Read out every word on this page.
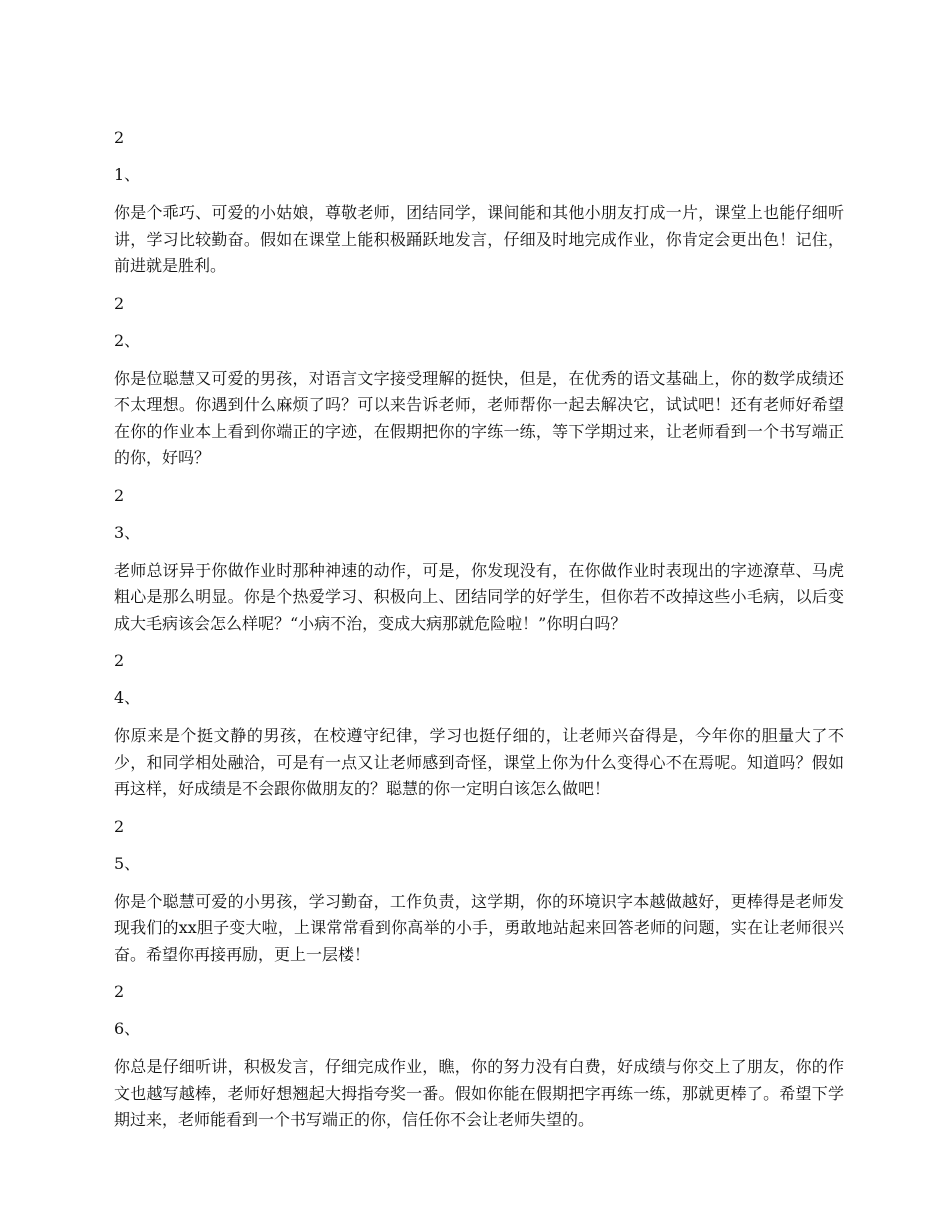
2
1、

你是个乖巧、可爱的小姑娘，尊敬老师，团结同学，课间能和其他小朋友打成一片，课堂上也能仔细听讲，学习比较勤奋。假如在课堂上能积极踊跃地发言，仔细及时地完成作业，你肯定会更出色！记住，前进就是胜利。

2
2、

你是位聪慧又可爱的男孩，对语言文字接受理解的挺快，但是，在优秀的语文基础上，你的数学成绩还不太理想。你遇到什么麻烦了吗？可以来告诉老师，老师帮你一起去解决它，试试吧！还有老师好希望在你的作业本上看到你端正的字迹，在假期把你的字练一练，等下学期过来，让老师看到一个书写端正的你，好吗？

2
3、

老师总讶异于你做作业时那种神速的动作，可是，你发现没有，在你做作业时表现出的字迹潦草、马虎粗心是那么明显。你是个热爱学习、积极向上、团结同学的好学生，但你若不改掉这些小毛病，以后变成大毛病该会怎么样呢？“小病不治，变成大病那就危险啦！”你明白吗？

2
4、

你原来是个挺文静的男孩，在校遵守纪律，学习也挺仔细的，让老师兴奋得是，今年你的胆量大了不少，和同学相处融洽，可是有一点又让老师感到奇怪，课堂上你为什么变得心不在焉呢。知道吗？假如再这样，好成绩是不会跟你做朋友的？聪慧的你一定明白该怎么做吧！

2
5、

你是个聪慧可爱的小男孩，学习勤奋，工作负责，这学期，你的环境识字本越做越好，更棒得是老师发现我们的xx胆子变大啦，上课常常看到你高举的小手，勇敢地站起来回答老师的问题，实在让老师很兴奋。希望你再接再励，更上一层楼！

2
6、

你总是仔细听讲，积极发言，仔细完成作业，瞧，你的努力没有白费，好成绩与你交上了朋友，你的作文也越写越棒，老师好想翘起大拇指夸奖一番。假如你能在假期把字再练一练，那就更棒了。希望下学期过来，老师能看到一个书写端正的你，信任你不会让老师失望的。
